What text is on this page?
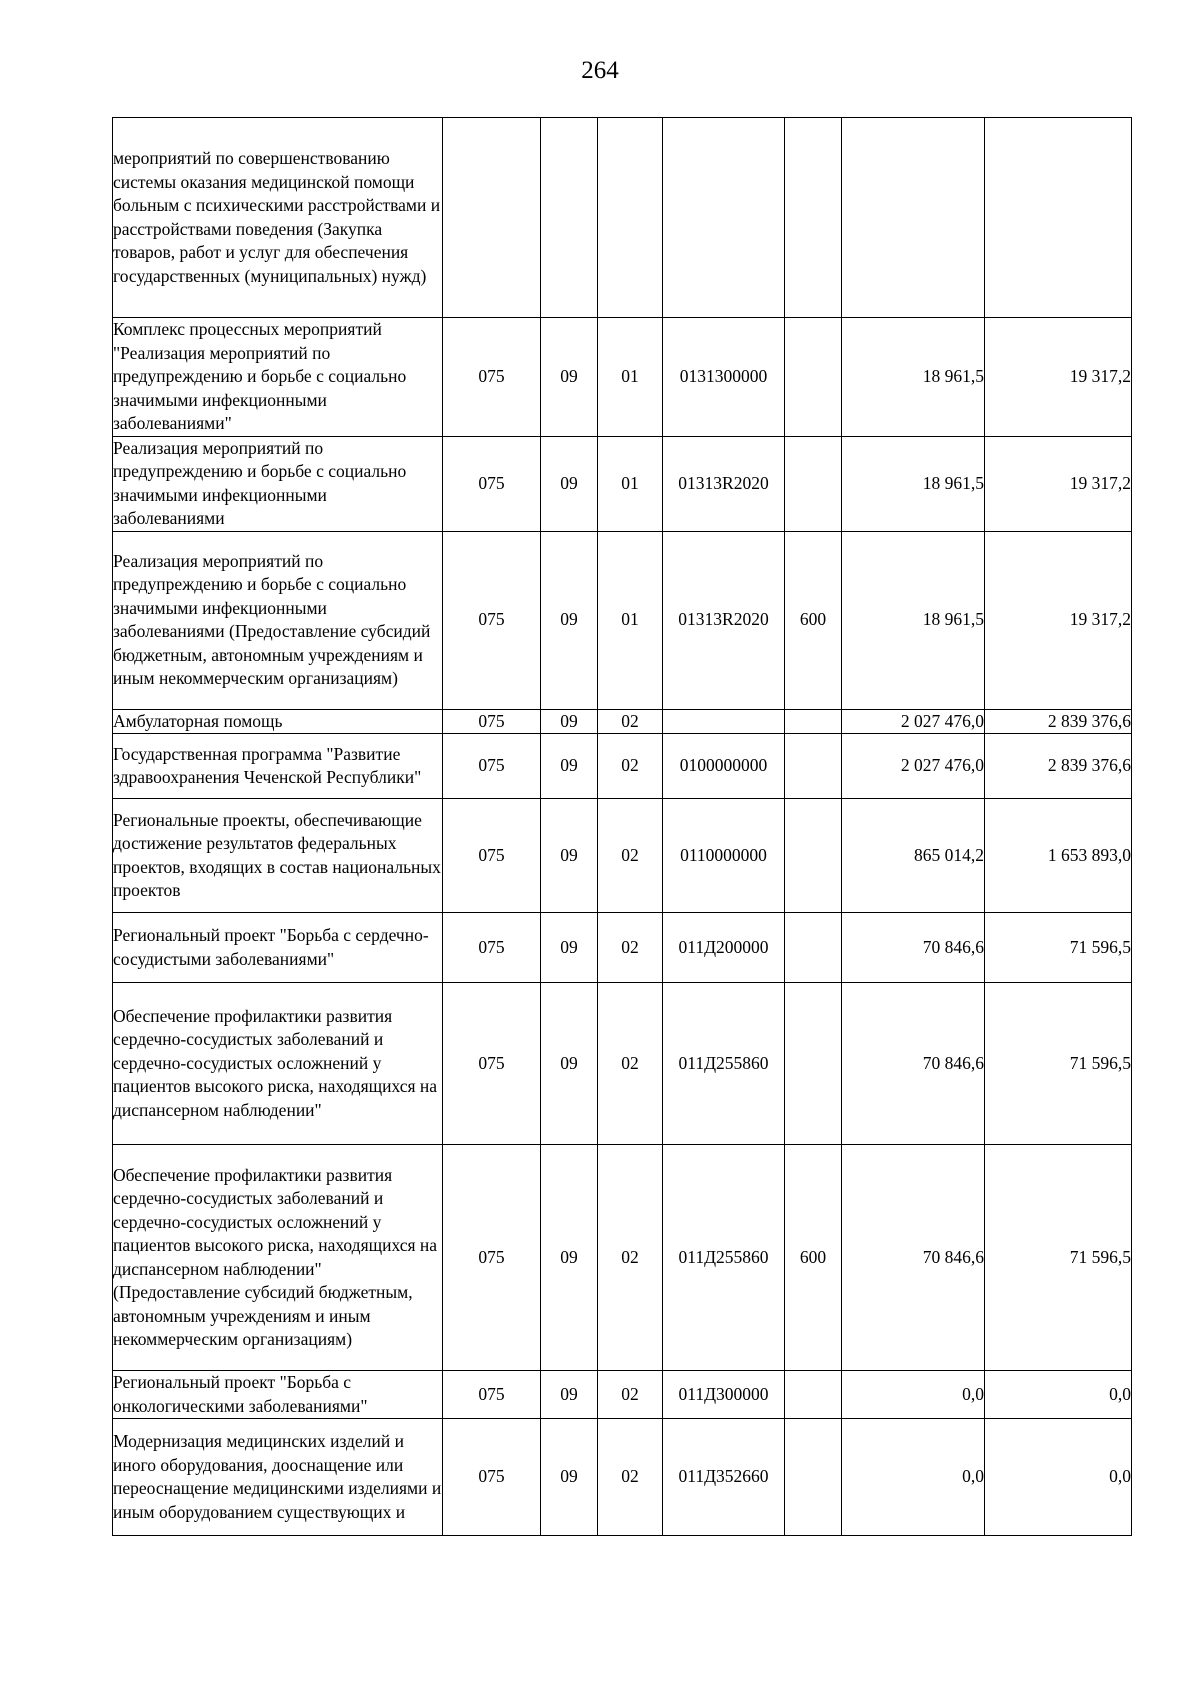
264
мероприятий по совершенствованию системы оказания медицинской помощи больным с психическими расстройствами и расстройствами поведения (Закупка товаров, работ и услуг для обеспечения государственных (муниципальных) нужд)							
Комплекс процессных мероприятий "Реализация мероприятий по предупреждению и борьбе с социально значимыми инфекционными заболеваниями"	075	09	01	0131300000		18 961,5	19 317,2
Реализация мероприятий по предупреждению и борьбе с социально значимыми инфекционными заболеваниями	075	09	01	01313R2020		18 961,5	19 317,2
Реализация мероприятий по предупреждению и борьбе с социально значимыми инфекционными заболеваниями (Предоставление субсидий бюджетным, автономным учреждениям и иным некоммерческим организациям)	075	09	01	01313R2020	600	18 961,5	19 317,2
Амбулаторная помощь	075	09	02			2 027 476,0	2 839 376,6
Государственная программа "Развитие здравоохранения Чеченской Республики"	075	09	02	0100000000		2 027 476,0	2 839 376,6
Региональные проекты, обеспечивающие достижение результатов федеральных проектов, входящих в состав национальных проектов	075	09	02	0110000000		865 014,2	1 653 893,0
Региональный проект "Борьба с сердечно-сосудистыми заболеваниями"	075	09	02	011Д200000		70 846,6	71 596,5
Обеспечение профилактики развития сердечно-сосудистых заболеваний и сердечно-сосудистых осложнений у пациентов высокого риска, находящихся на диспансерном наблюдении"	075	09	02	011Д255860		70 846,6	71 596,5
Обеспечение профилактики развития сердечно-сосудистых заболеваний и сердечно-сосудистых осложнений у пациентов высокого риска, находящихся на диспансерном наблюдении" (Предоставление субсидий бюджетным, автономным учреждениям и иным некоммерческим организациям)	075	09	02	011Д255860	600	70 846,6	71 596,5
Региональный проект "Борьба с онкологическими заболеваниями"	075	09	02	011Д300000		0,0	0,0
Модернизация медицинских изделий и иного оборудования, дооснащение или переоснащение медицинскими изделиями и иным оборудованием существующих и	075	09	02	011Д352660		0,0	0,0
